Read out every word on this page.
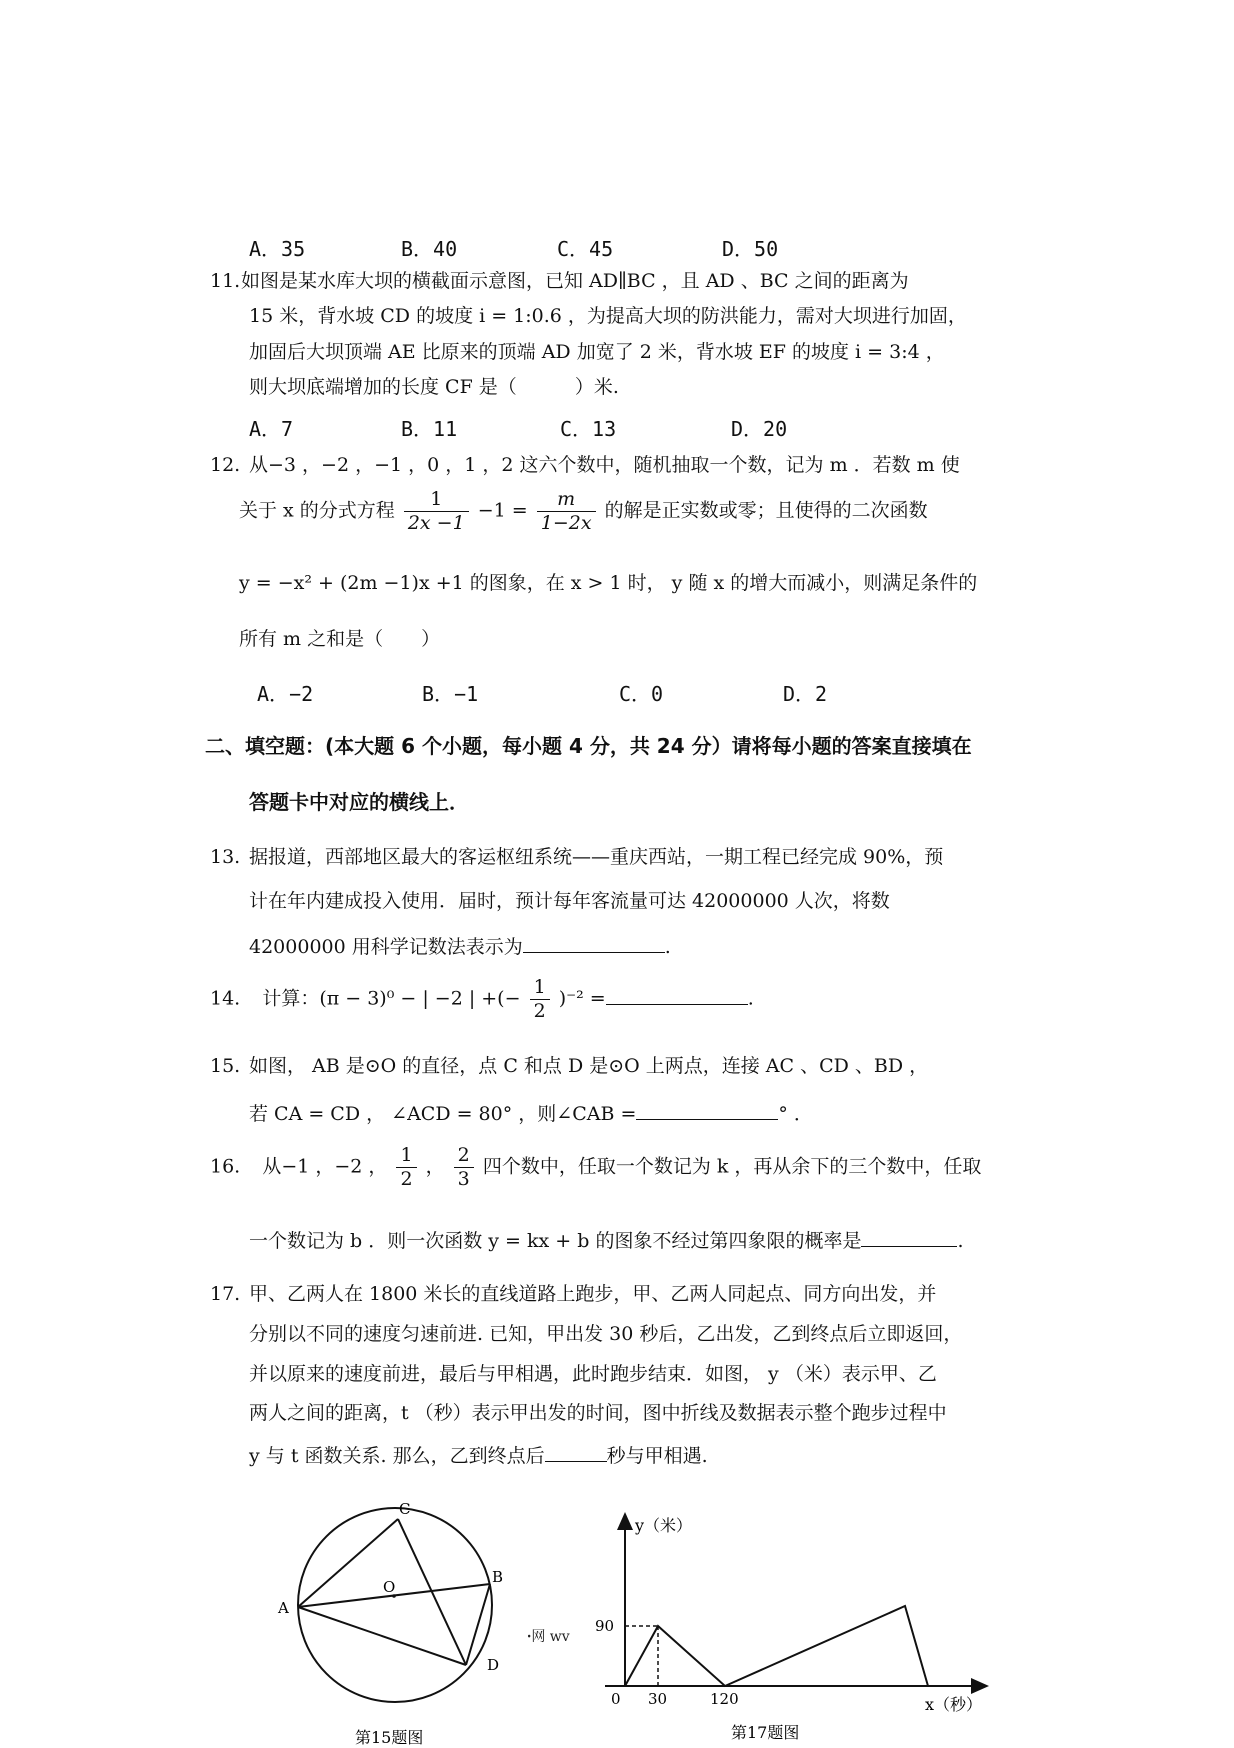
A．35	B．40	C．45	D．50
11. 如图是某水库大坝的横截面示意图，已知 AD∥BC ，且 AD 、BC 之间的距离为
15 米，背水坡 CD 的坡度 i = 1:0.6 ，为提高大坝的防洪能力，需对大坝进行加固，
加固后大坝顶端 AE 比原来的顶端 AD 加宽了 2 米，背水坡 EF 的坡度 i = 3:4 ，
则大坝底端增加的长度 CF 是（	）米.
A．7	B．11	C．13	D．20
12. 从−3 ，−2 ，−1 ，0 ，1 ，2 这六个数中，随机抽取一个数，记为 m ．若数 m 使
关于 x 的分式方程 $\frac{1}{2x -1} -1 = \frac{m}{1-2x}$ 的解是正实数或零；且使得的二次函数
y = −x² + (2m −1)x +1 的图象，在 x > 1 时， y 随 x 的增大而减小，则满足条件的
所有 m 之和是（　　）
A．−2	B．−1	C．0	D．2
二、填空题：(本大题 6 个小题，每小题 4 分，共 24 分）请将每小题的答案直接填在
答题卡中对应的横线上．
13. 据报道，西部地区最大的客运枢纽系统——重庆西站，一期工程已经完成 90%，预
计在年内建成投入使用．届时，预计每年客流量可达 42000000 人次，将数
42000000 用科学记数法表示为	.
14. 计算：(π − 3)⁰ − | −2 | +(− $\frac{1}{2} )^{-2}$ =	.
15. 如图， AB 是⊙O 的直径，点 C 和点 D 是⊙O 上两点，连接 AC 、CD 、BD ，
若 CA = CD ， ∠ACD = 80° ，则∠CAB =	° ．
16. 从−1 ，−2 ， $\frac{1}{2}$ ， $\frac{2}{3}$ 四个数中，任取一个数记为 k ，再从余下的三个数中，任取
一个数记为 b ．则一次函数 y = kx + b 的图象不经过第四象限的概率是	.
17. 甲、乙两人在 1800 米长的直线道路上跑步，甲、乙两人同起点、同方向出发，并
分别以不同的速度匀速前进. 已知，甲出发 30 秒后，乙出发，乙到终点后立即返回，
并以原来的速度前进，最后与甲相遇，此时跑步结束．如图， y （米）表示甲、乙
两人之间的距离，t （秒）表示甲出发的时间，图中折线及数据表示整个跑步过程中
y 与 t 函数关系. 那么，乙到终点后	秒与甲相遇.
C
O
A
B
D
第15题图
ꞏ网 wv
y（米）
x（秒）
0
90
30	120
第17题图
